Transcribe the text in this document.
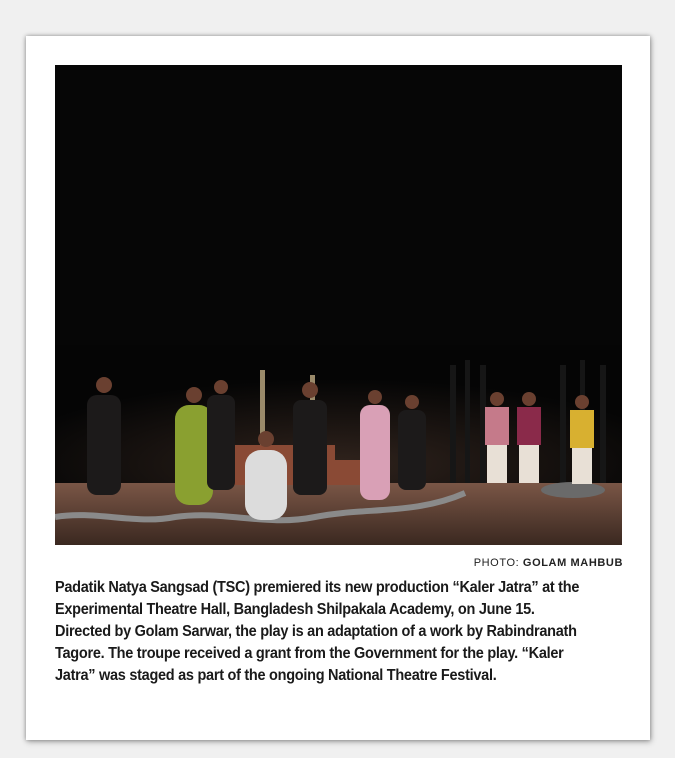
PHOTO: GOLAM MAHBUB
Padatik Natya Sangsad (TSC) premiered its new production “Kaler Jatra” at the Experimental Theatre Hall, Bangladesh Shilpakala Academy, on June 15. Directed by Golam Sarwar, the play is an adaptation of a work by Rabindranath Tagore. The troupe received a grant from the Government for the play. “Kaler Jatra” was staged as part of the ongoing National Theatre Festival.
